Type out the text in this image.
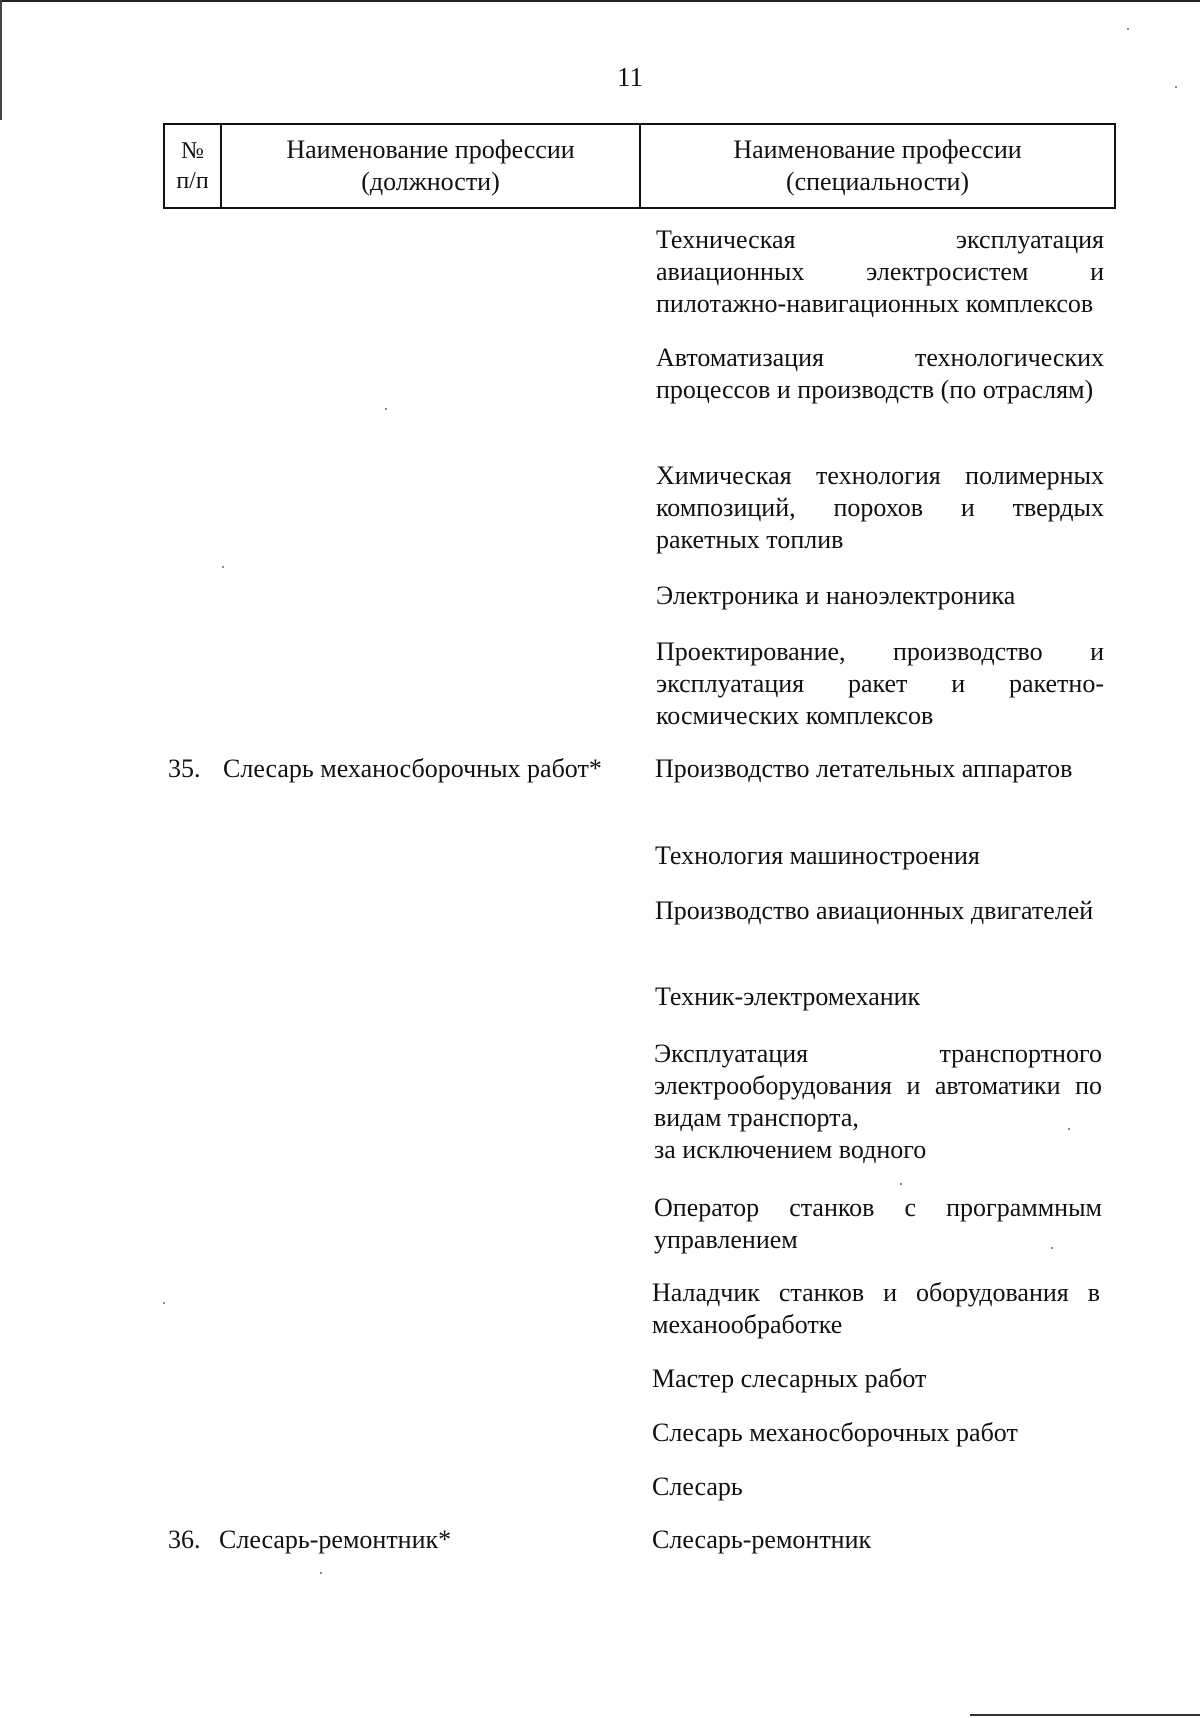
11
№
п/п
Наименование профессии
(должности)
Наименование профессии
(специальности)
Техническая эксплуатация авиационных электросистем и пилотажно-навигационных комплексов
Автоматизация технологических процессов и производств (по отраслям)
Химическая технология полимерных композиций, порохов и твердых ракетных топлив
Электроника и наноэлектроника
Проектирование, производство и эксплуатация ракет и ракетно-космических комплексов
35. Слесарь механосборочных работ*	Производство летательных аппаратов
Технология машиностроения
Производство авиационных двигателей
Техник-электромеханик
Эксплуатация транспортного электрооборудования и автоматики по видам транспорта,
за исключением водного
Оператор станков с программным управлением
Наладчик станков и оборудования в механообработке
Мастер слесарных работ
Слесарь механосборочных работ
Слесарь
36. Слесарь-ремонтник*	Слесарь-ремонтник
